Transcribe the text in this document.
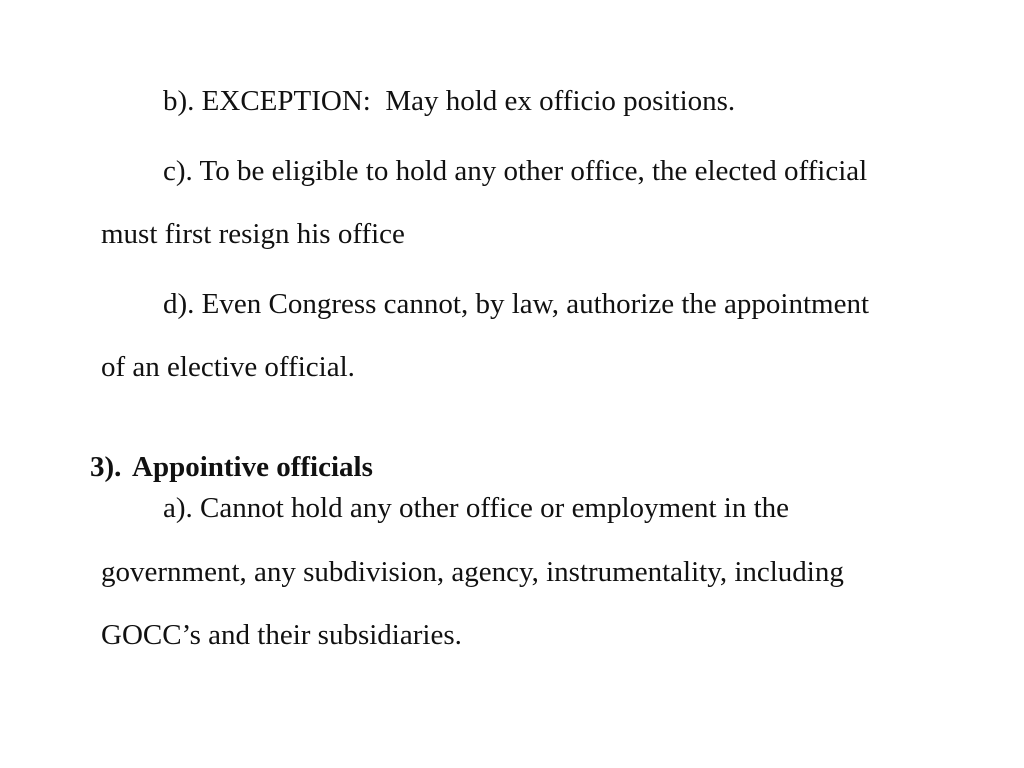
b). EXCEPTION:  May hold ex officio positions.
c). To be eligible to hold any other office, the elected official
must first resign his office
d). Even Congress cannot, by law, authorize the appointment
of an elective official.

3). Appointive officials

a). Cannot hold any other office or employment in the
government, any subdivision, agency, instrumentality, including
GOCC’s and their subsidiaries.
